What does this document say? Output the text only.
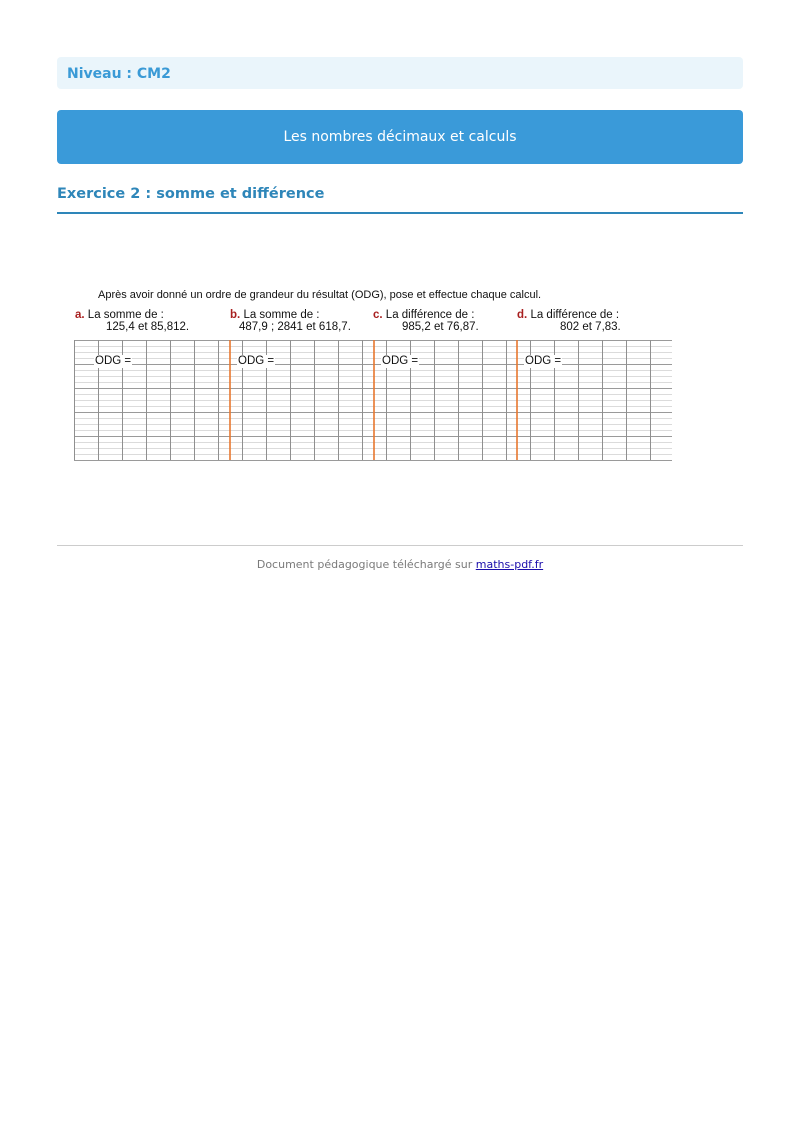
Niveau : CM2
Les nombres décimaux et calculs
Exercice 2 : somme et différence
Après avoir donné un ordre de grandeur du résultat (ODG), pose et effectue chaque calcul.
a. La somme de :
125,4 et 85,812.
b. La somme de :
487,9 ; 2841 et 618,7.
c. La différence de :
985,2 et 76,87.
d. La différence de :
802 et 7,83.
ODG =	ODG =	ODG =	ODG =
Document pédagogique téléchargé sur maths-pdf.fr
